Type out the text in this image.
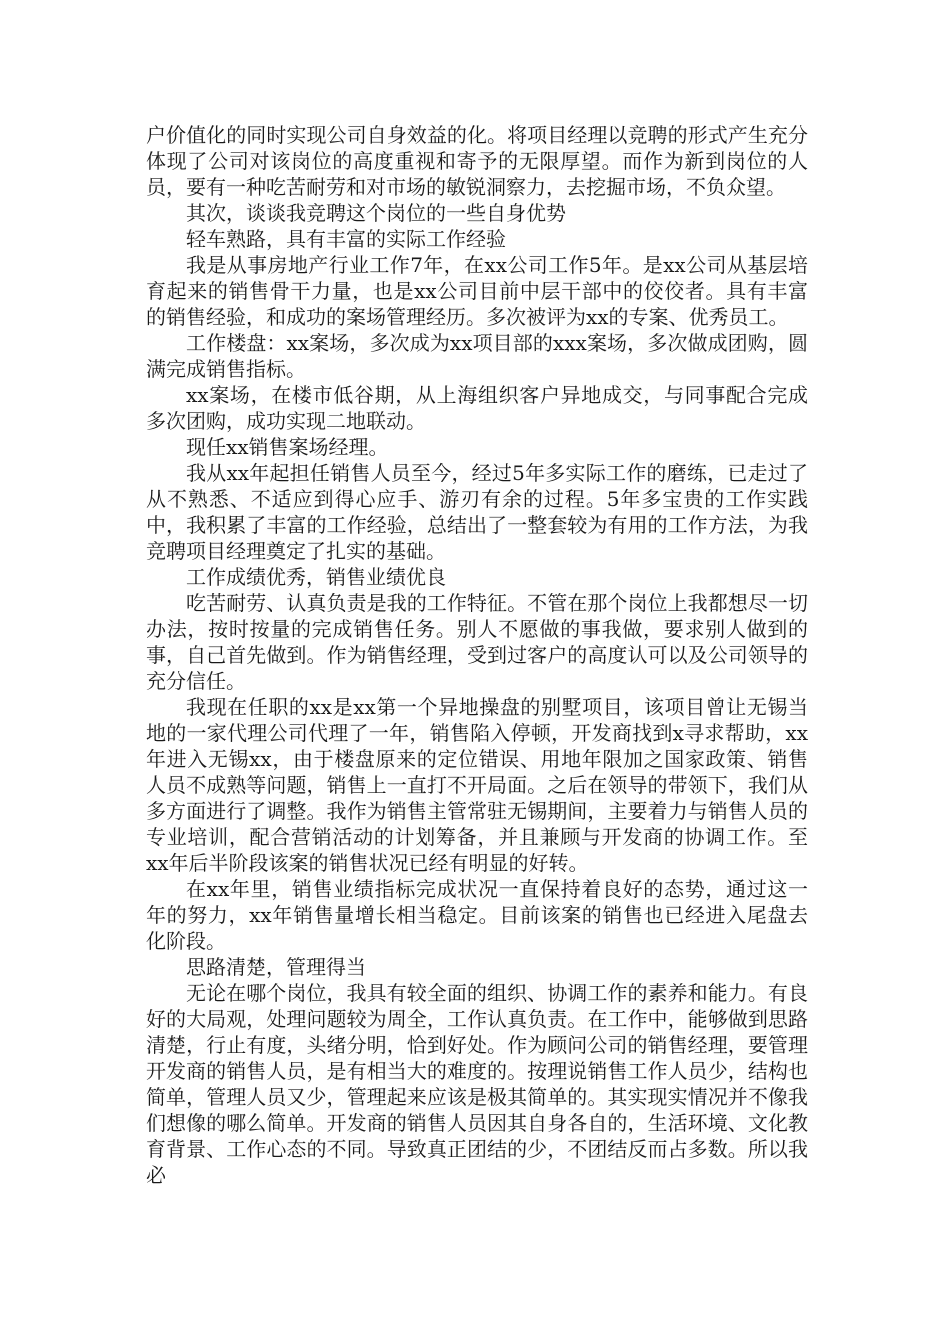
户价值化的同时实现公司自身效益的化。将项目经理以竞聘的形式产生充分体现了公司对该岗位的高度重视和寄予的无限厚望。而作为新到岗位的人员，要有一种吃苦耐劳和对市场的敏锐洞察力，去挖掘市场，不负众望。

其次，谈谈我竞聘这个岗位的一些自身优势

轻车熟路，具有丰富的实际工作经验

我是从事房地产行业工作7年，在xx公司工作5年。是xx公司从基层培育起来的销售骨干力量，也是xx公司目前中层干部中的佼佼者。具有丰富的销售经验，和成功的案场管理经历。多次被评为xx的专案、优秀员工。

工作楼盘：xx案场，多次成为xx项目部的xxx案场，多次做成团购，圆满完成销售指标。

xx案场，在楼市低谷期，从上海组织客户异地成交，与同事配合完成多次团购，成功实现二地联动。

现任xx销售案场经理。

我从xx年起担任销售人员至今，经过5年多实际工作的磨练，已走过了从不熟悉、不适应到得心应手、游刃有余的过程。5年多宝贵的工作实践中，我积累了丰富的工作经验，总结出了一整套较为有用的工作方法，为我竞聘项目经理奠定了扎实的基础。

工作成绩优秀，销售业绩优良

吃苦耐劳、认真负责是我的工作特征。不管在那个岗位上我都想尽一切办法，按时按量的完成销售任务。别人不愿做的事我做，要求别人做到的事，自己首先做到。作为销售经理，受到过客户的高度认可以及公司领导的充分信任。

我现在任职的xx是xx第一个异地操盘的别墅项目，该项目曾让无锡当地的一家代理公司代理了一年，销售陷入停顿，开发商找到x寻求帮助，xx年进入无锡xx，由于楼盘原来的定位错误、用地年限加之国家政策、销售人员不成熟等问题，销售上一直打不开局面。之后在领导的带领下，我们从多方面进行了调整。我作为销售主管常驻无锡期间，主要着力与销售人员的专业培训，配合营销活动的计划筹备，并且兼顾与开发商的协调工作。至xx年后半阶段该案的销售状况已经有明显的好转。

在xx年里，销售业绩指标完成状况一直保持着良好的态势，通过这一年的努力，xx年销售量增长相当稳定。目前该案的销售也已经进入尾盘去化阶段。

思路清楚，管理得当

无论在哪个岗位，我具有较全面的组织、协调工作的素养和能力。有良好的大局观，处理问题较为周全，工作认真负责。在工作中，能够做到思路清楚，行止有度，头绪分明，恰到好处。作为顾问公司的销售经理，要管理开发商的销售人员，是有相当大的难度的。按理说销售工作人员少，结构也简单，管理人员又少，管理起来应该是极其简单的。其实现实情况并不像我们想像的哪么简单。开发商的销售人员因其自身各自的，生活环境、文化教育背景、工作心态的不同。导致真正团结的少，不团结反而占多数。所以我必
